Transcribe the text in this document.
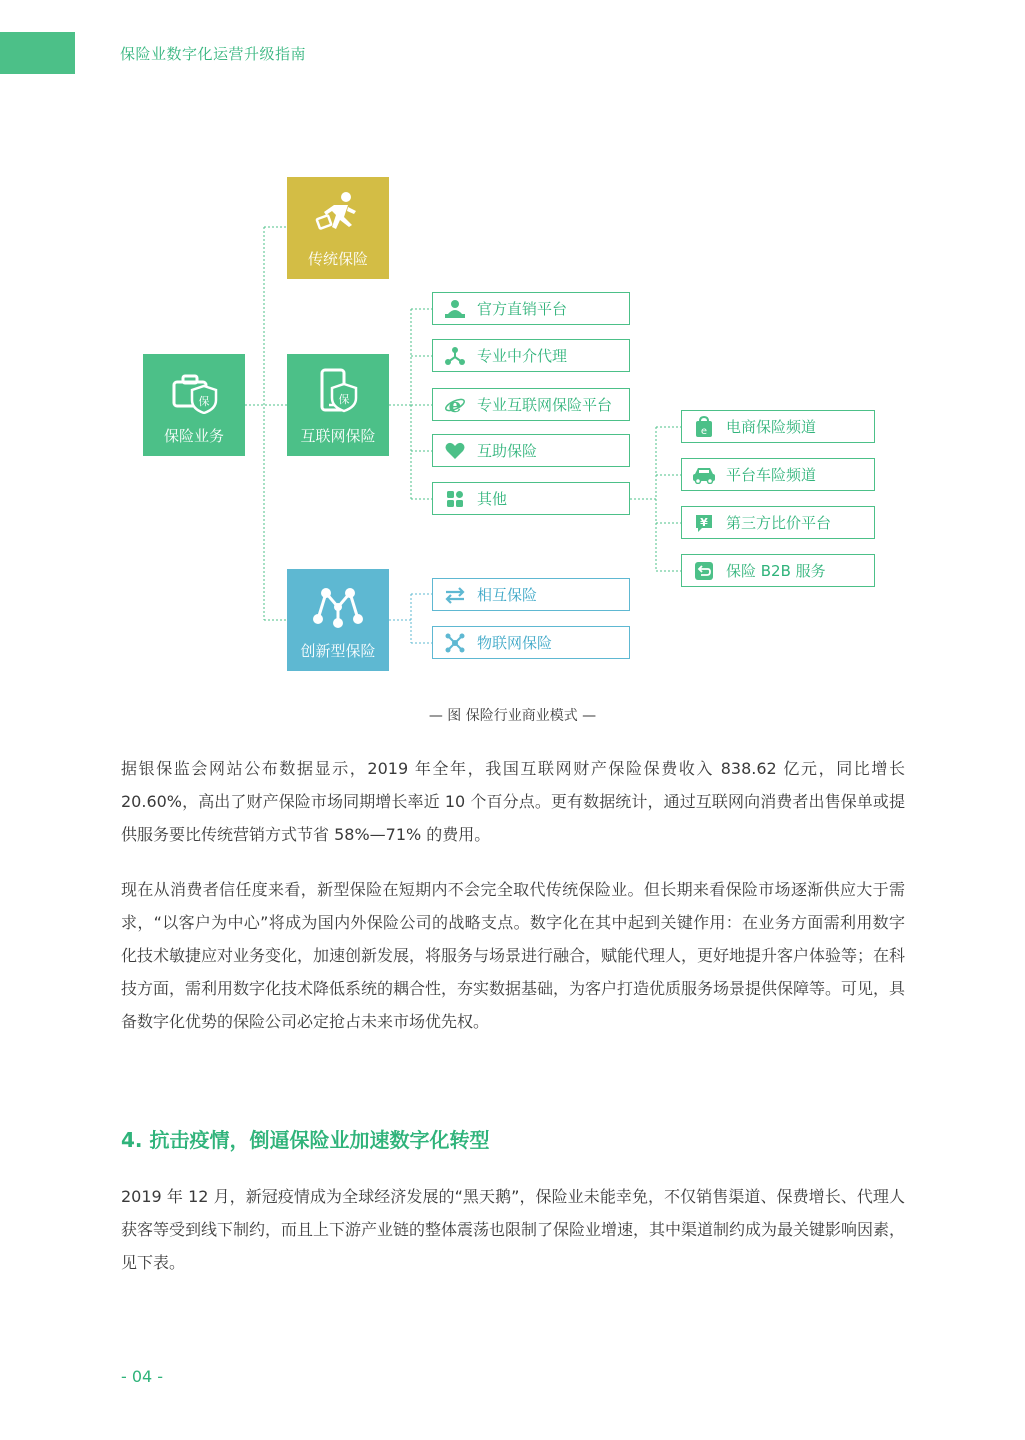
保险业数字化运营升级指南
保
保险业务
传统保险
保
互联网保险
创新型保险
官方直销平台
专业中介代理
e 专业互联网保险平台
互助保险
其他
e 电商保险频道
平台车险频道
¥ 第三方比价平台
保险 B2B 服务
相互保险
物联网保险
— 图 保险行业商业模式 —

据银保监会网站公布数据显示，2019 年全年，我国互联网财产保险保费收入 838.62 亿元，同比增长 20.60%，高出了财产保险市场同期增长率近 10 个百分点。更有数据统计，通过互联网向消费者出售保单或提供服务要比传统营销方式节省 58%—71% 的费用。

现在从消费者信任度来看，新型保险在短期内不会完全取代传统保险业。但长期来看保险市场逐渐供应大于需求，“以客户为中心”将成为国内外保险公司的战略支点。数字化在其中起到关键作用：在业务方面需利用数字化技术敏捷应对业务变化，加速创新发展，将服务与场景进行融合，赋能代理人，更好地提升客户体验等；在科技方面，需利用数字化技术降低系统的耦合性，夯实数据基础，为客户打造优质服务场景提供保障等。可见，具备数字化优势的保险公司必定抢占未来市场优先权。

4. 抗击疫情，倒逼保险业加速数字化转型

2019 年 12 月，新冠疫情成为全球经济发展的“黑天鹅”，保险业未能幸免，不仅销售渠道、保费增长、代理人获客等受到线下制约，而且上下游产业链的整体震荡也限制了保险业增速，其中渠道制约成为最关键影响因素，见下表。

- 04 -
